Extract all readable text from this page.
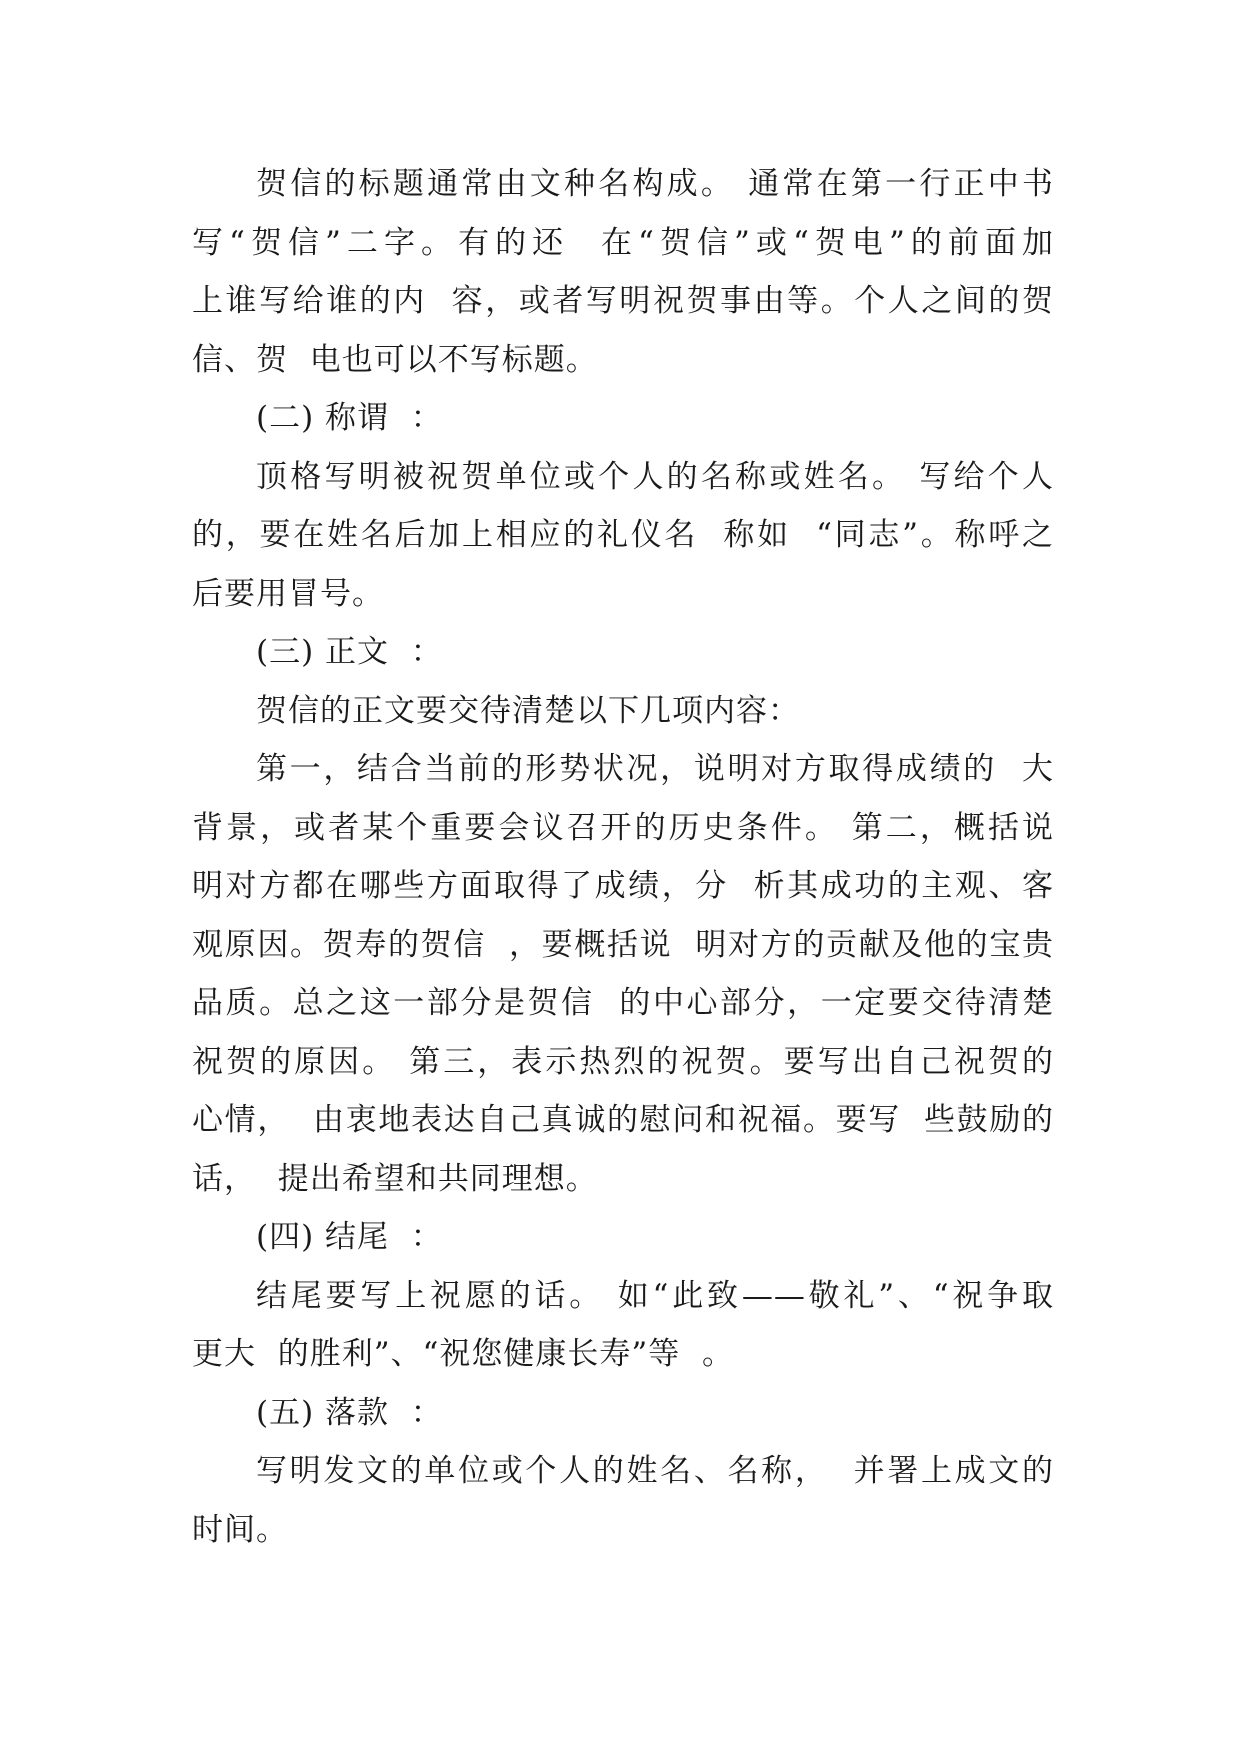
贺信的标题通常由文种名构成。 通常在第一行正中书
写“贺信”二字。有的还  在“贺信”或“贺电”的前面加
上谁写给谁的内  容，或者写明祝贺事由等。个人之间的贺
信、贺  电也可以不写标题。
(二) 称谓  ：
顶格写明被祝贺单位或个人的名称或姓名。 写给个人
的，要在姓名后加上相应的礼仪名  称如  “同志”。称呼之
后要用冒号。
(三) 正文  ：
贺信的正文要交待清楚以下几项内容：
第一，结合当前的形势状况，说明对方取得成绩的  大
背景，或者某个重要会议召开的历史条件。 第二，概括说
明对方都在哪些方面取得了成绩，分  析其成功的主观、客
观原因。贺寿的贺信  ，要概括说  明对方的贡献及他的宝贵
品质。总之这一部分是贺信  的中心部分，一定要交待清楚
祝贺的原因。 第三，表示热烈的祝贺。要写出自己祝贺的
心情，  由衷地表达自己真诚的慰问和祝福。要写  些鼓励的
话，  提出希望和共同理想。
(四) 结尾  ：
结尾要写上祝愿的话。 如“此致——敬礼”、“祝争取
更大  的胜利”、“祝您健康长寿”等  。
(五) 落款  ：
写明发文的单位或个人的姓名、名称，  并署上成文的
时间。
